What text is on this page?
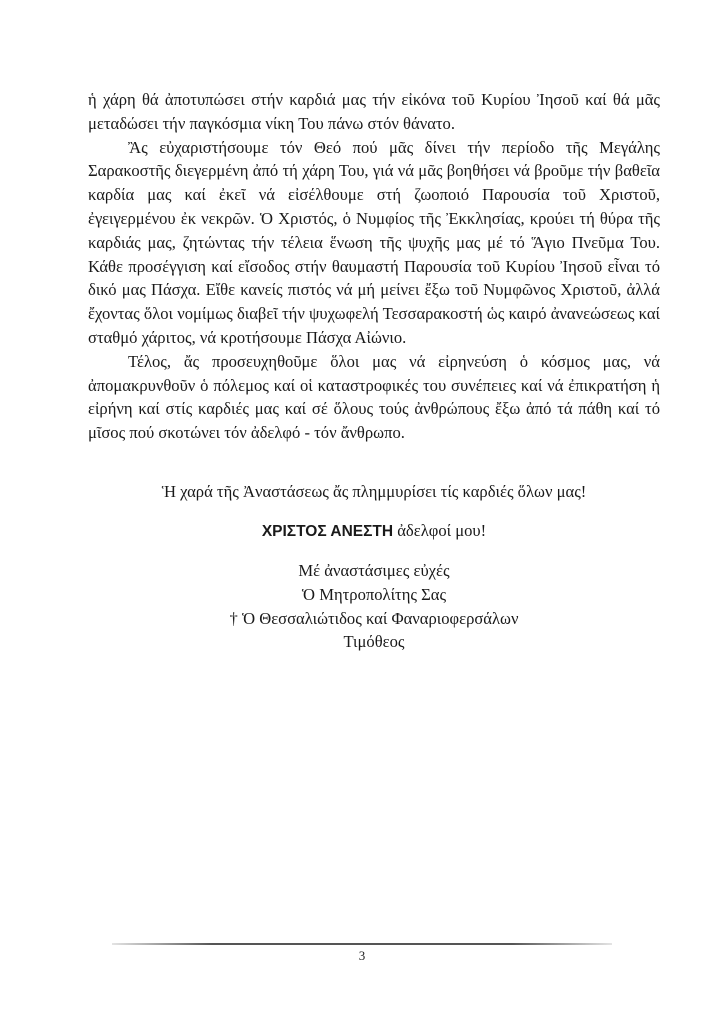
ἡ χάρη θά ἀποτυπώσει στήν καρδιά μας τήν εἰκόνα τοῦ Κυρίου Ἰησοῦ καί θά μᾶς μεταδώσει τήν παγκόσμια νίκη Του πάνω στόν θάνατο.

Ἂς εὐχαριστήσουμε τόν Θεό πού μᾶς δίνει τήν περίοδο τῆς Μεγάλης Σαρακοστῆς διεγερμένη ἀπό τή χάρη Του, γιά νά μᾶς βοηθήσει νά βροῦμε τήν βαθεῖα καρδία μας καί ἐκεῖ νά εἰσέλθουμε στή ζωοποιό Παρουσία τοῦ Χριστοῦ, ἐγειγερμένου ἐκ νεκρῶν. Ὁ Χριστός, ὁ Νυμφίος τῆς Ἐκκλησίας, κρούει τή θύρα τῆς καρδιάς μας, ζητώντας τήν τέλεια ἕνωση τῆς ψυχῆς μας μέ τό Ἅγιο Πνεῦμα Του. Κάθε προσέγγιση καί εἴσοδος στήν θαυμαστή Παρουσία τοῦ Κυρίου Ἰησοῦ εἶναι τό δικό μας Πάσχα. Εἴθε κανείς πιστός νά μή μείνει ἔξω τοῦ Νυμφῶνος Χριστοῦ, ἀλλά ἔχοντας ὅλοι νομίμως διαβεῖ τήν ψυχωφελή Τεσσαρακοστή ὡς καιρό ἀνανεώσεως καί σταθμό χάριτος, νά κροτήσουμε Πάσχα Αἰώνιο.

Τέλος, ἄς προσευχηθοῦμε ὅλοι μας νά εἰρηνεύση ὁ κόσμος μας, νά ἀπομακρυνθοῦν ὁ πόλεμος καί οἱ καταστροφικές του συνέπειες καί νά ἐπικρατήση ἡ εἰρήνη καί στίς καρδιές μας καί σέ ὅλους τούς ἀνθρώπους ἔξω ἀπό τά πάθη καί τό μῖσος πού σκοτώνει τόν ἀδελφό - τόν ἄνθρωπο.

Ἡ χαρά τῆς Ἀναστάσεως ἄς πλημμυρίσει τίς καρδιές ὅλων μας!
ΧΡΙΣΤΟΣ ΑΝΕΣΤΗ ἀδελφοί μου!
Μέ ἀναστάσιμες εὐχές
Ὁ Μητροπολίτης Σας
† Ὁ Θεσσαλιώτιδος καί Φαναριοφερσάλων
Τιμόθεος
3
